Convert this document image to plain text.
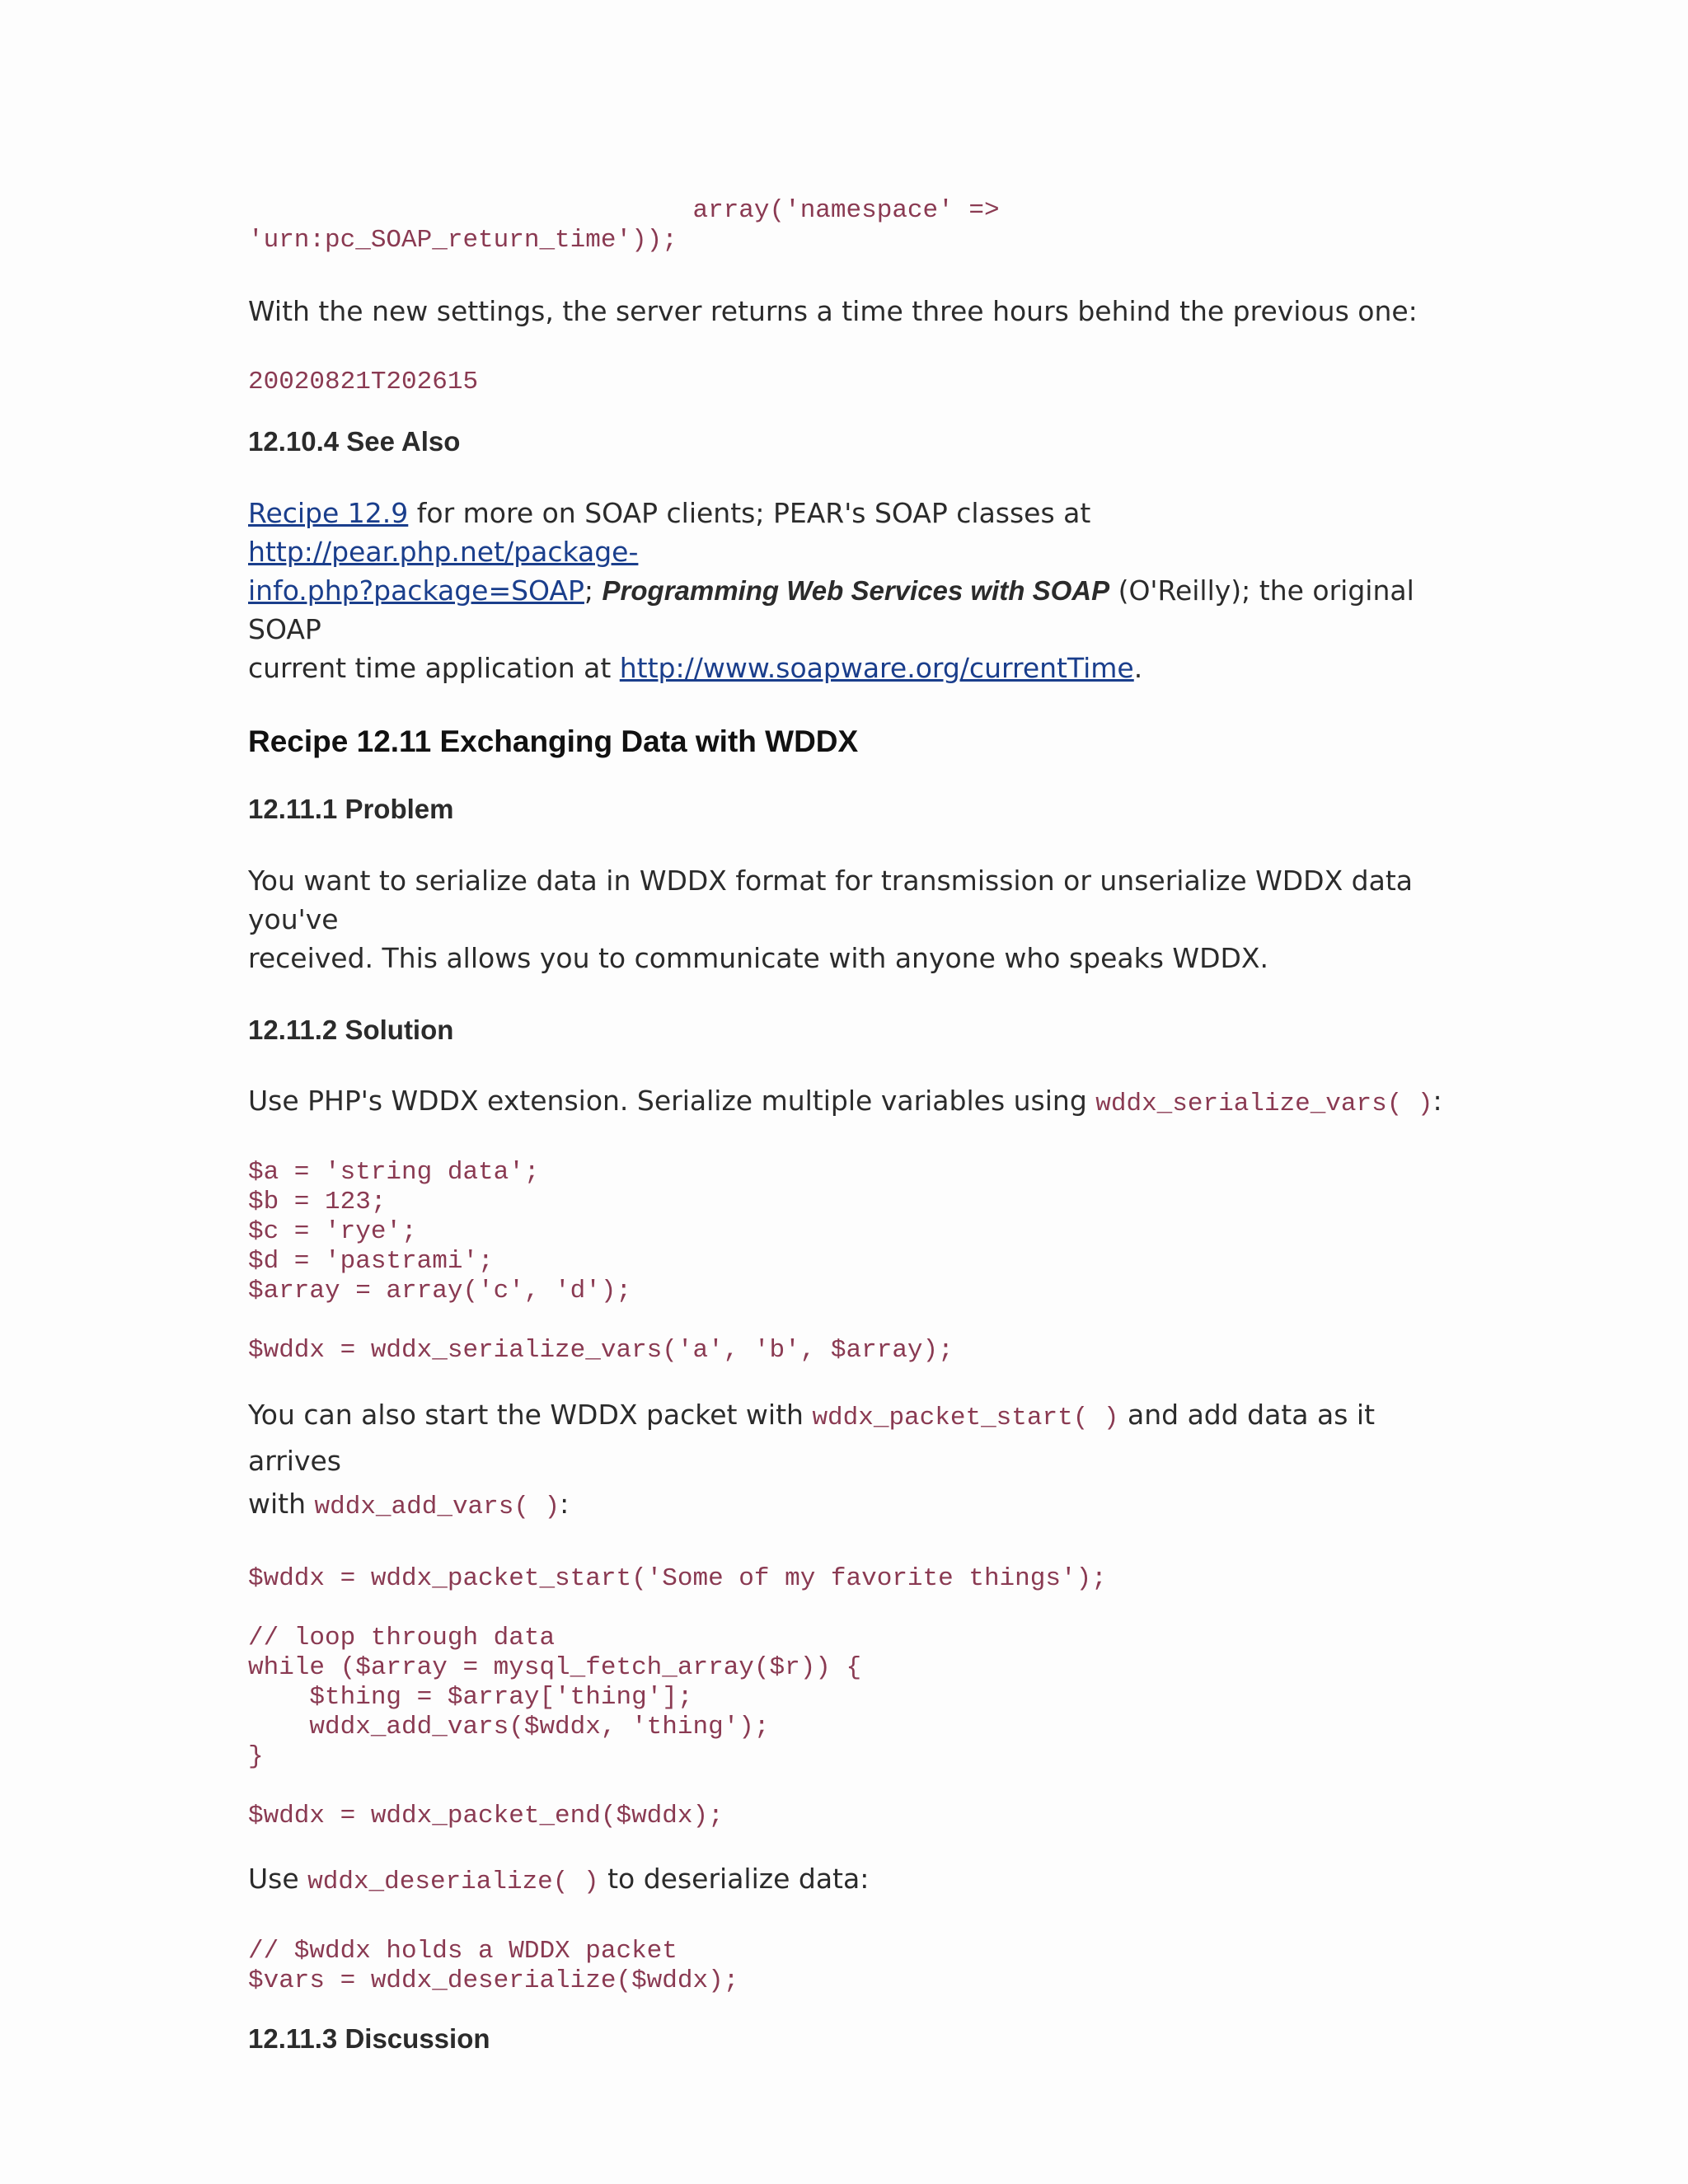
array('namespace' =>
'urn:pc_SOAP_return_time'));

With the new settings, the server returns a time three hours behind the previous one:

20020821T202615
12.10.4 See Also

Recipe 12.9 for more on SOAP clients; PEAR's SOAP classes at http://pear.php.net/package-
info.php?package=SOAP; Programming Web Services with SOAP (O'Reilly); the original SOAP
current time application at http://www.soapware.org/currentTime.

Recipe 12.11 Exchanging Data with WDDX
12.11.1 Problem

You want to serialize data in WDDX format for transmission or unserialize WDDX data you've
received. This allows you to communicate with anyone who speaks WDDX.

12.11.2 Solution

Use PHP's WDDX extension. Serialize multiple variables using wddx_serialize_vars( ):

$a = 'string data';
$b = 123;
$c = 'rye';
$d = 'pastrami';
$array = array('c', 'd');

$wddx = wddx_serialize_vars('a', 'b', $array);

You can also start the WDDX packet with wddx_packet_start( ) and add data as it arrives
with wddx_add_vars( ):

$wddx = wddx_packet_start('Some of my favorite things');

// loop through data
while ($array = mysql_fetch_array($r)) {
$thing = $array['thing'];
wddx_add_vars($wddx, 'thing');
}

$wddx = wddx_packet_end($wddx);

Use wddx_deserialize( ) to deserialize data:

// $wddx holds a WDDX packet
$vars = wddx_deserialize($wddx);
12.11.3 Discussion
